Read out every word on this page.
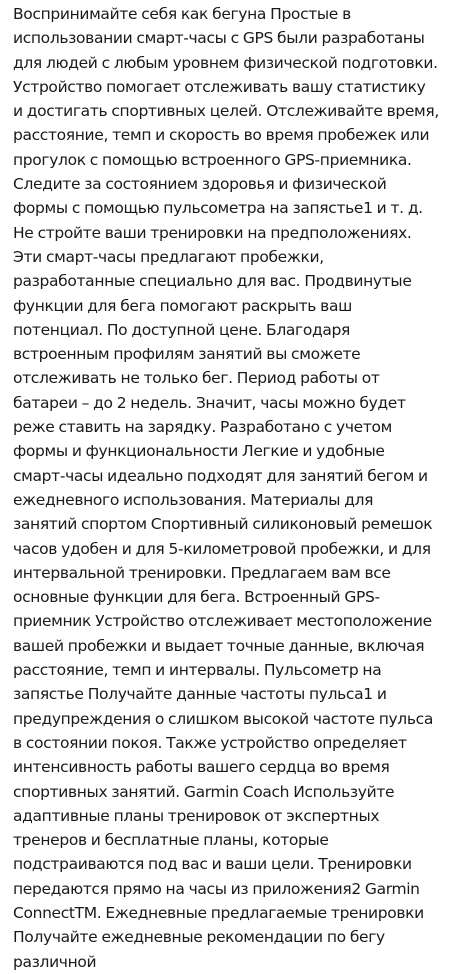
Воспринимайте себя как бегуна Простые в использовании смарт-часы с GPS были разработаны для людей с любым уровнем физической подготовки. Устройство помогает отслеживать вашу статистику и достигать спортивных целей. Отслеживайте время, расстояние, темп и скорость во время пробежек или прогулок с помощью встроенного GPS-приемника. Следите за состоянием здоровья и физической формы с помощью пульсометра на запястье1 и т. д. Не стройте ваши тренировки на предположениях. Эти смарт-часы предлагают пробежки, разработанные специально для вас. Продвинутые функции для бега помогают раскрыть ваш потенциал. По доступной цене. Благодаря встроенным профилям занятий вы сможете отслеживать не только бег. Период работы от батареи – до 2 недель. Значит, часы можно будет реже ставить на зарядку. Разработано с учетом формы и функциональности Легкие и удобные смарт-часы идеально подходят для занятий бегом и ежедневного использования. Материалы для занятий спортом Спортивный силиконовый ремешок часов удобен и для 5-километровой пробежки, и для интервальной тренировки. Предлагаем вам все основные функции для бега. Встроенный GPS-приемник Устройство отслеживает местоположение вашей пробежки и выдает точные данные, включая расстояние, темп и интервалы. Пульсометр на запястье Получайте данные частоты пульса1 и предупреждения о слишком высокой частоте пульса в состоянии покоя. Также устройство определяет интенсивность работы вашего сердца во время спортивных занятий. Garmin Coach Используйте адаптивные планы тренировок от экспертных тренеров и бесплатные планы, которые подстраиваются под вас и ваши цели. Тренировки передаются прямо на часы из приложения2 Garmin ConnectTM. Ежедневные предлагаемые тренировки Получайте ежедневные рекомендации по бегу различной
